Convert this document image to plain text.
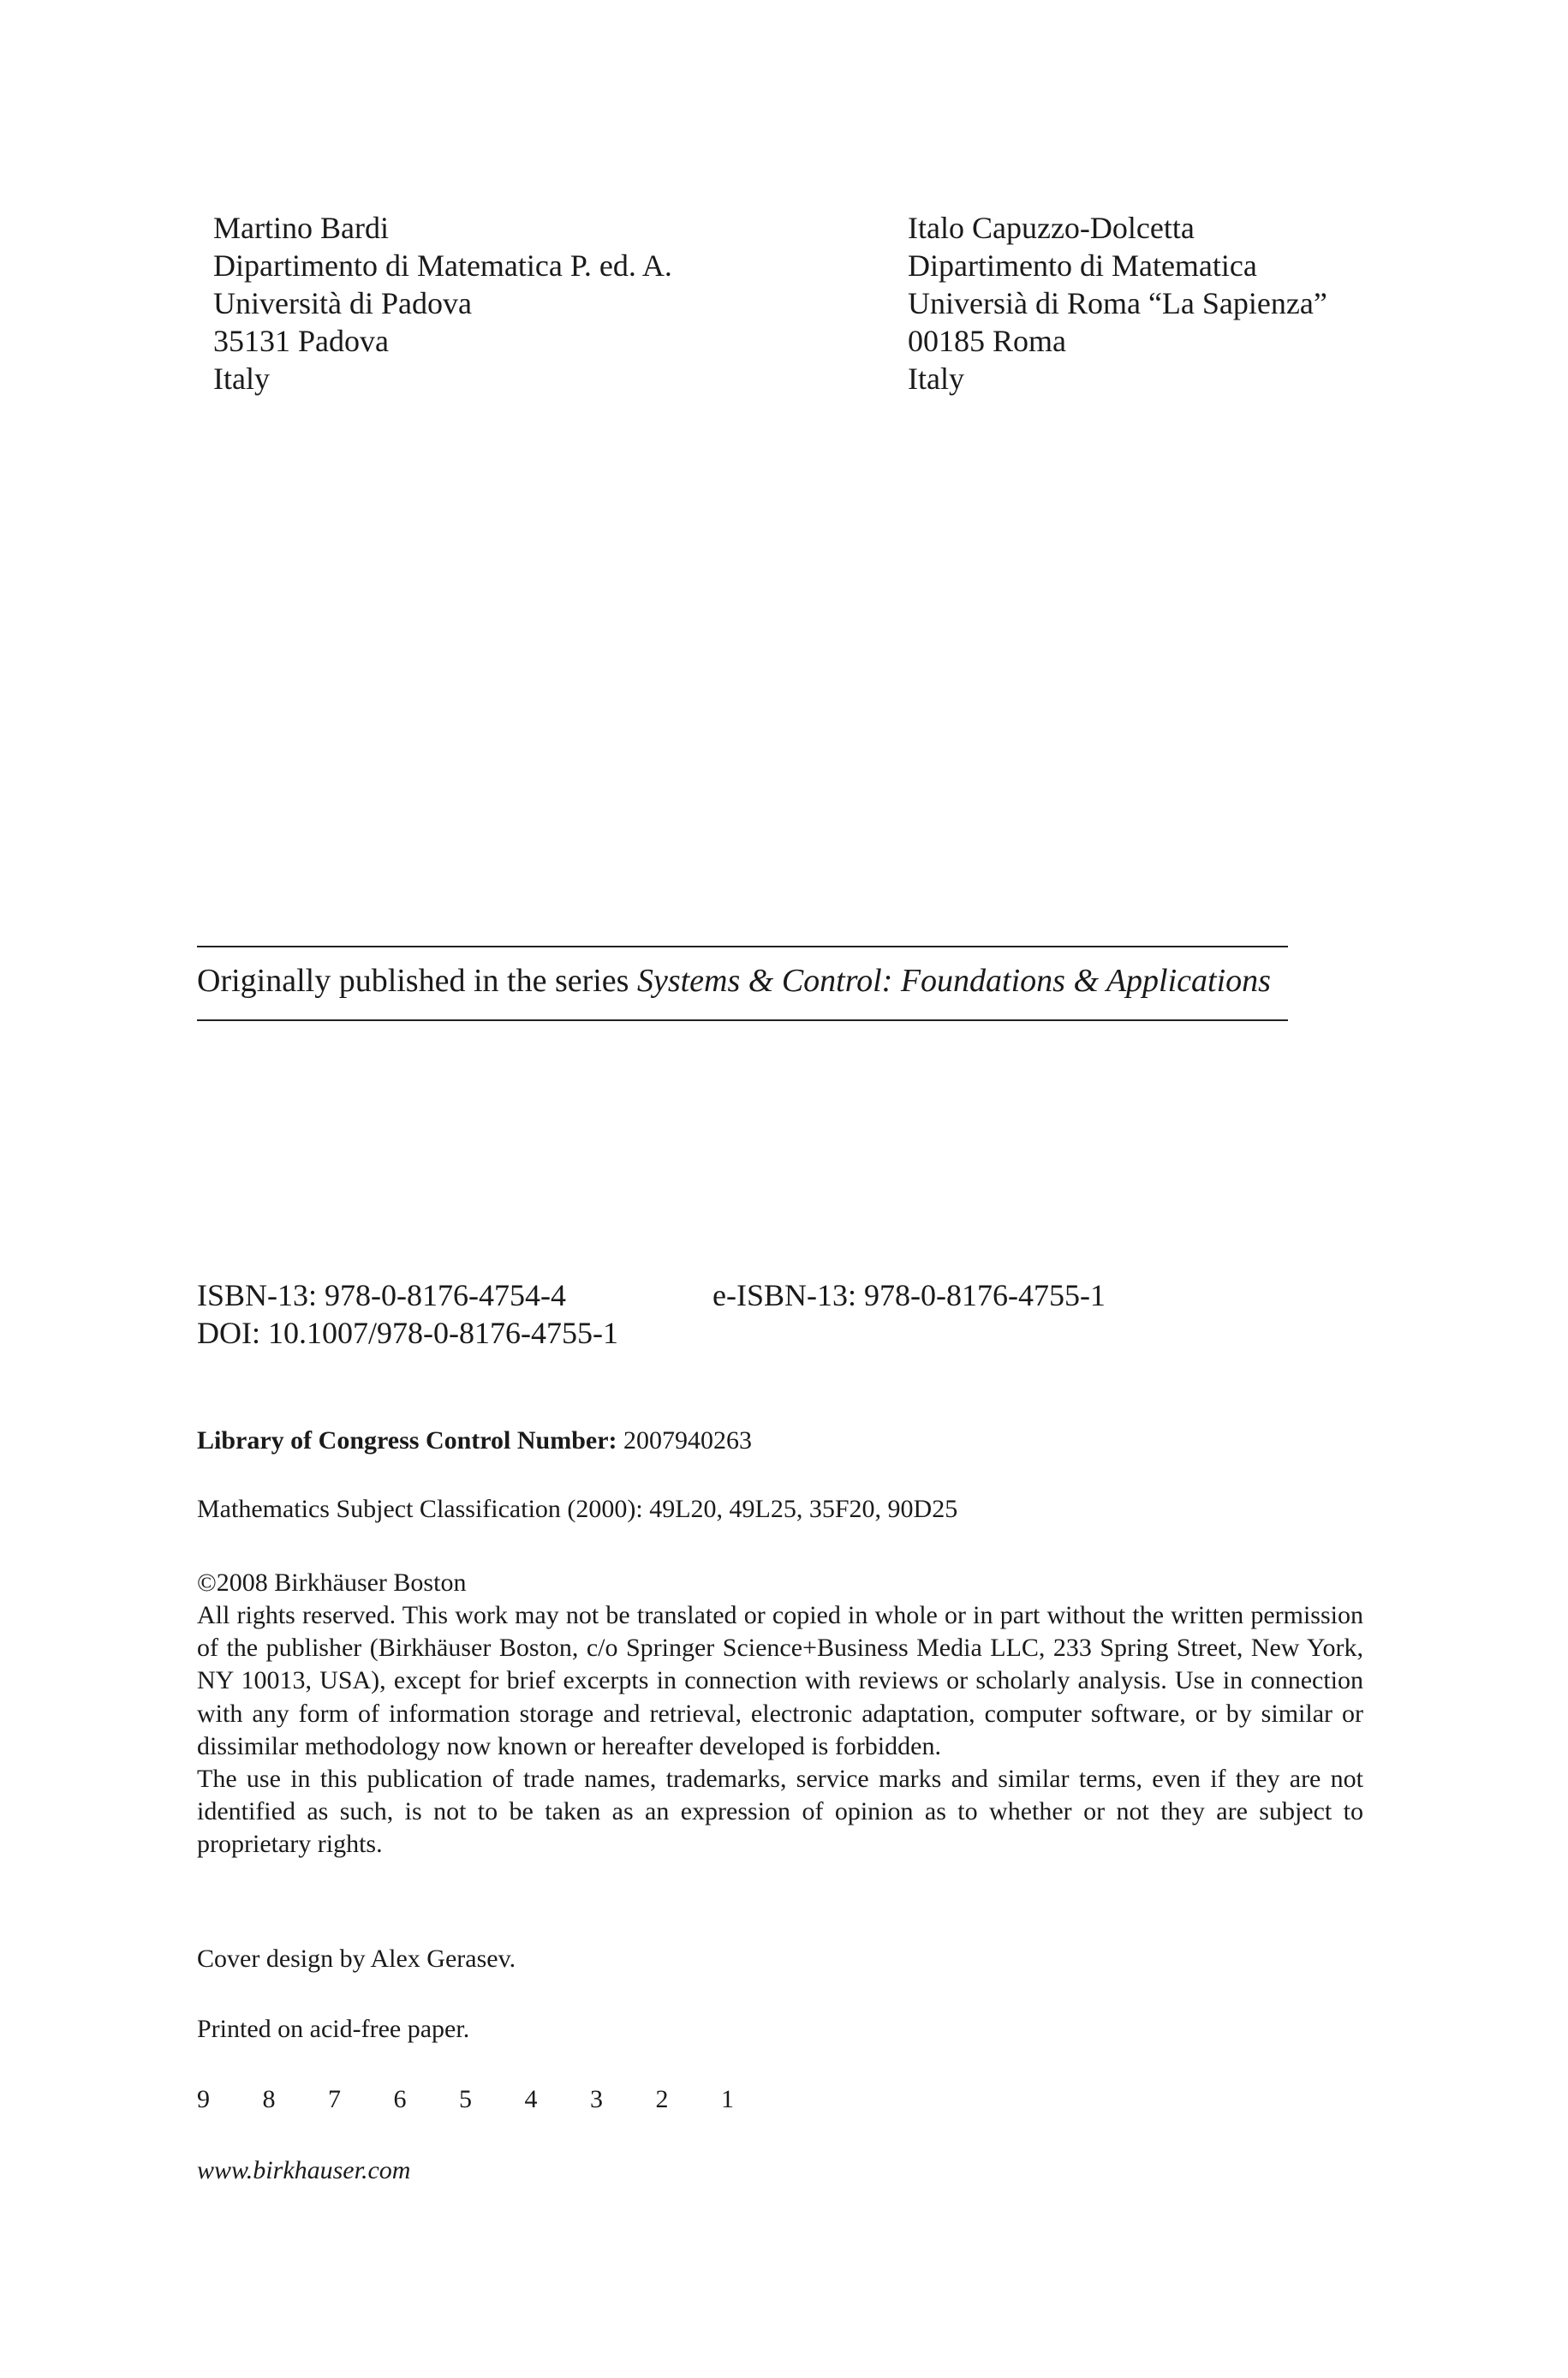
Martino Bardi
Dipartimento di Matematica P. ed. A.
Università di Padova
35131 Padova
Italy
Italo Capuzzo-Dolcetta
Dipartimento di Matematica
Universià di Roma “La Sapienza”
00185 Roma
Italy
Originally published in the series Systems & Control: Foundations & Applications
ISBN-13: 978-0-8176-4754-4	e-ISBN-13: 978-0-8176-4755-1
DOI: 10.1007/978-0-8176-4755-1
Library of Congress Control Number: 2007940263
Mathematics Subject Classification (2000): 49L20, 49L25, 35F20, 90D25
©2008 Birkhäuser Boston

All rights reserved. This work may not be translated or copied in whole or in part without the written permission of the publisher (Birkhäuser Boston, c/o Springer Science+Business Media LLC, 233 Spring Street, New York, NY 10013, USA), except for brief excerpts in connection with reviews or scholarly analysis. Use in connection with any form of information storage and retrieval, electronic adaptation, computer software, or by similar or dissimilar methodology now known or hereafter developed is forbidden.

The use in this publication of trade names, trademarks, service marks and similar terms, even if they are not identified as such, is not to be taken as an expression of opinion as to whether or not they are subject to proprietary rights.

Cover design by Alex Gerasev.
Printed on acid-free paper.
9 8 7 6 5 4 3 2 1
www.birkhauser.com
